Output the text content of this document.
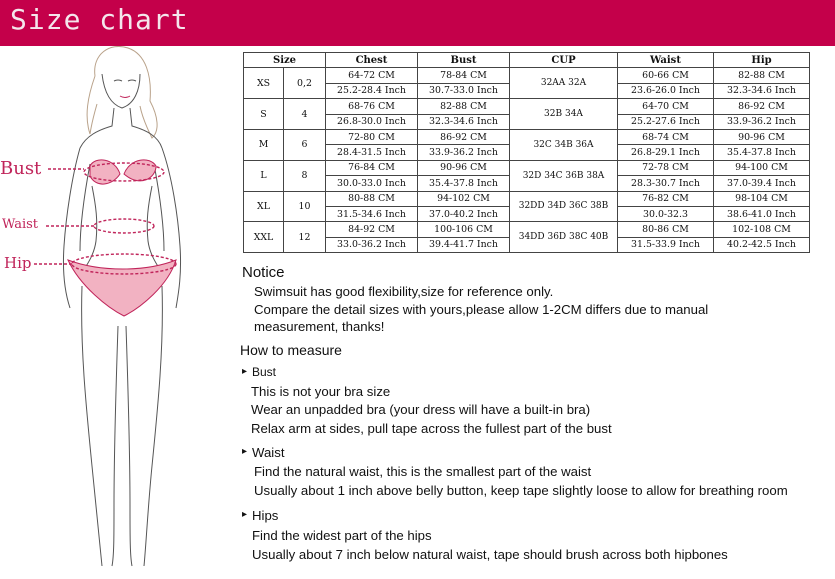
Size chart
Bust
Waist
Hip
Size		Chest	Bust	CUP	Waist	Hip
XS	0,2	64-72 CM	78-84 CM	32AA 32A	60-66 CM	82-88 CM
		25.2-28.4 Inch	30.7-33.0 Inch		23.6-26.0 Inch	32.3-34.6 Inch
S	4	68-76 CM	82-88 CM	32B 34A	64-70 CM	86-92 CM
		26.8-30.0 Inch	32.3-34.6 Inch		25.2-27.6 Inch	33.9-36.2 Inch
M	6	72-80 CM	86-92 CM	32C 34B 36A	68-74 CM	90-96 CM
		28.4-31.5 Inch	33.9-36.2 Inch		26.8-29.1 Inch	35.4-37.8 Inch
L	8	76-84 CM	90-96 CM	32D 34C 36B 38A	72-78 CM	94-100 CM
		30.0-33.0 Inch	35.4-37.8 Inch		28.3-30.7 Inch	37.0-39.4 Inch
XL	10	80-88 CM	94-102 CM	32DD 34D 36C 38B	76-82 CM	98-104 CM
		31.5-34.6 Inch	37.0-40.2 Inch		30.0-32.3	38.6-41.0 Inch
XXL	12	84-92 CM	100-106 CM	34DD 36D 38C 40B	80-86 CM	102-108 CM
		33.0-36.2 Inch	39.4-41.7 Inch		31.5-33.9 Inch	40.2-42.5 Inch
Notice
Swimsuit has good flexibility,size for reference only.
Compare the detail sizes with yours,please allow 1-2CM differs due to manual
measurement, thanks!
How to measure
▸ Bust
This is not your bra size
Wear an unpadded bra (your dress will have a built-in bra)
Relax arm at sides, pull tape across the fullest part of the bust
▸ Waist
Find the natural waist, this is the smallest part of the waist
Usually about 1 inch above belly button, keep tape slightly loose to allow for breathing room
▸ Hips
Find the widest part of the hips
Usually about 7 inch below natural waist, tape should brush across both hipbones
